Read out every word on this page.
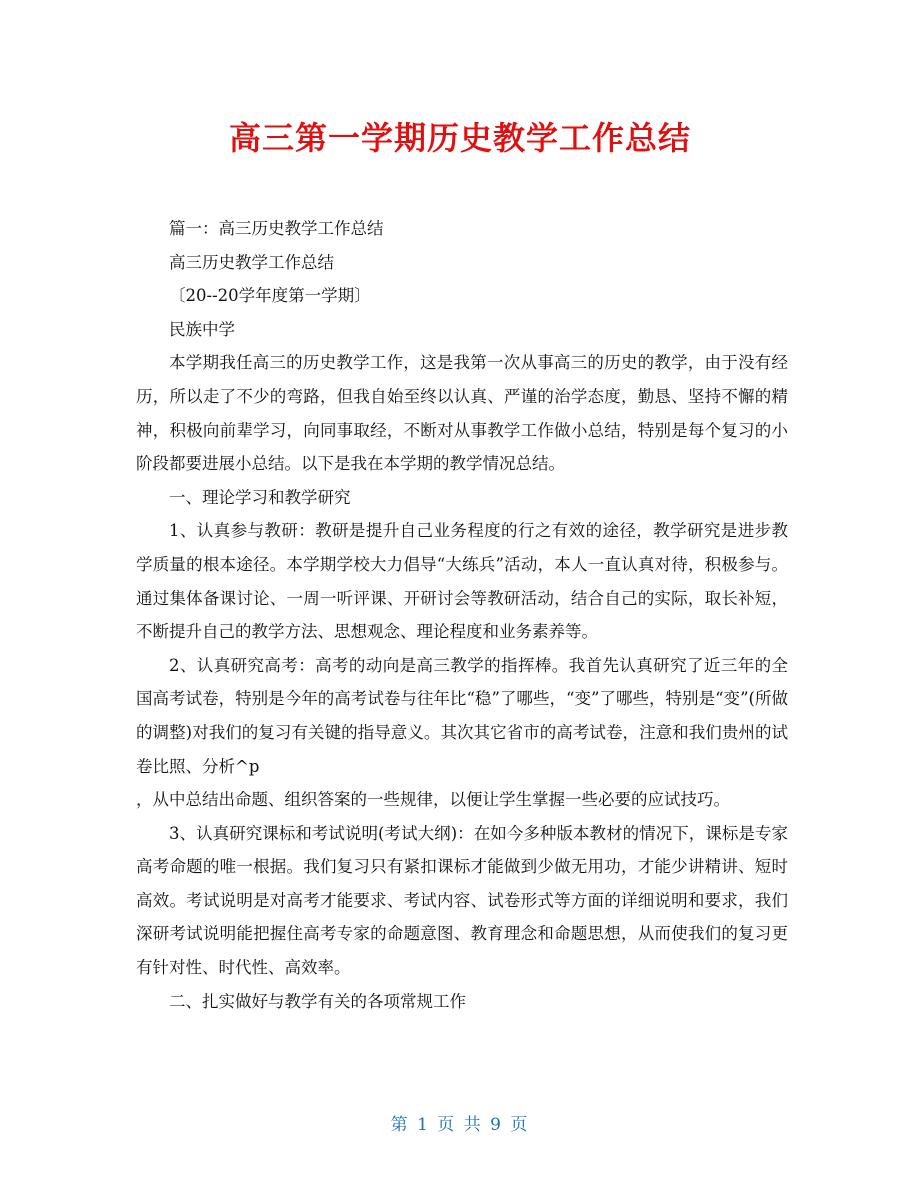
高三第一学期历史教学工作总结

篇一：高三历史教学工作总结

高三历史教学工作总结

〔20--20学年度第一学期〕

民族中学

本学期我任高三的历史教学工作，这是我第一次从事高三的历史的教学，由于没有经历，所以走了不少的弯路，但我自始至终以认真、严谨的治学态度，勤恳、坚持不懈的精神，积极向前辈学习，向同事取经，不断对从事教学工作做小总结，特别是每个复习的小阶段都要进展小总结。以下是我在本学期的教学情况总结。

一、理论学习和教学研究

1、认真参与教研：教研是提升自己业务程度的行之有效的途径，教学研究是进步教学质量的根本途径。本学期学校大力倡导“大练兵”活动，本人一直认真对待，积极参与。通过集体备课讨论、一周一听评课、开研讨会等教研活动，结合自己的实际，取长补短，不断提升自己的教学方法、思想观念、理论程度和业务素养等。

2、认真研究高考：高考的动向是高三教学的指挥棒。我首先认真研究了近三年的全国高考试卷，特别是今年的高考试卷与往年比“稳”了哪些，“变”了哪些，特别是“变”(所做的调整)对我们的复习有关键的指导意义。其次其它省市的高考试卷，注意和我们贵州的试卷比照、分析^p

，从中总结出命题、组织答案的一些规律，以便让学生掌握一些必要的应试技巧。

3、认真研究课标和考试说明(考试大纲)：在如今多种版本教材的情况下，课标是专家高考命题的唯一根据。我们复习只有紧扣课标才能做到少做无用功，才能少讲精讲、短时高效。考试说明是对高考才能要求、考试内容、试卷形式等方面的详细说明和要求，我们深研考试说明能把握住高考专家的命题意图、教育理念和命题思想，从而使我们的复习更有针对性、时代性、高效率。

二、扎实做好与教学有关的各项常规工作

第 1 页 共 9 页
